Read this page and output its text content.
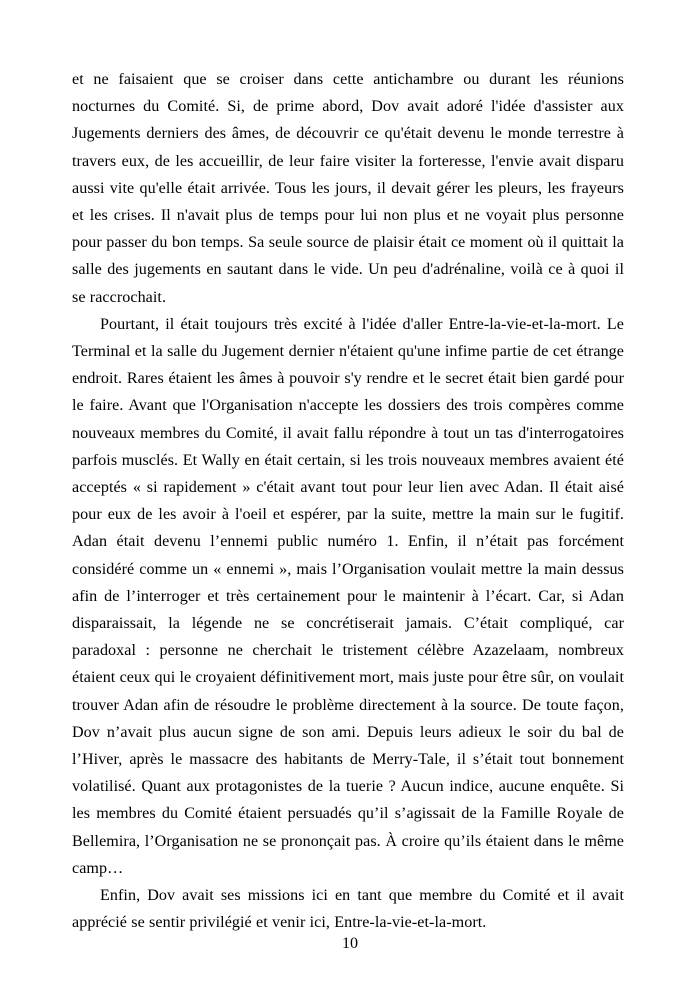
et ne faisaient que se croiser dans cette antichambre ou durant les réunions nocturnes du Comité. Si, de prime abord, Dov avait adoré l'idée d'assister aux Jugements derniers des âmes, de découvrir ce qu'était devenu le monde terrestre à travers eux, de les accueillir, de leur faire visiter la forteresse, l'envie avait disparu aussi vite qu'elle était arrivée. Tous les jours, il devait gérer les pleurs, les frayeurs et les crises. Il n'avait plus de temps pour lui non plus et ne voyait plus personne pour passer du bon temps. Sa seule source de plaisir était ce moment où il quittait la salle des jugements en sautant dans le vide. Un peu d'adrénaline, voilà ce à quoi il se raccrochait.

Pourtant, il était toujours très excité à l'idée d'aller Entre-la-vie-et-la-mort. Le Terminal et la salle du Jugement dernier n'étaient qu'une infime partie de cet étrange endroit. Rares étaient les âmes à pouvoir s'y rendre et le secret était bien gardé pour le faire. Avant que l'Organisation n'accepte les dossiers des trois compères comme nouveaux membres du Comité, il avait fallu répondre à tout un tas d'interrogatoires parfois musclés. Et Wally en était certain, si les trois nouveaux membres avaient été acceptés « si rapidement » c'était avant tout pour leur lien avec Adan. Il était aisé pour eux de les avoir à l'oeil et espérer, par la suite, mettre la main sur le fugitif. Adan était devenu l’ennemi public numéro 1. Enfin, il n’était pas forcément considéré comme un « ennemi », mais l’Organisation voulait mettre la main dessus afin de l’interroger et très certainement pour le maintenir à l’écart. Car, si Adan disparaissait, la légende ne se concrétiserait jamais. C’était compliqué, car paradoxal : personne ne cherchait le tristement célèbre Azazelaam, nombreux étaient ceux qui le croyaient définitivement mort, mais juste pour être sûr, on voulait trouver Adan afin de résoudre le problème directement à la source. De toute façon, Dov n’avait plus aucun signe de son ami. Depuis leurs adieux le soir du bal de l’Hiver, après le massacre des habitants de Merry-Tale, il s’était tout bonnement volatilisé. Quant aux protagonistes de la tuerie ? Aucun indice, aucune enquête. Si les membres du Comité étaient persuadés qu’il s’agissait de la Famille Royale de Bellemira, l’Organisation ne se prononçait pas. À croire qu’ils étaient dans le même camp…

Enfin, Dov avait ses missions ici en tant que membre du Comité et il avait apprécié se sentir privilégié et venir ici, Entre-la-vie-et-la-mort.

10
